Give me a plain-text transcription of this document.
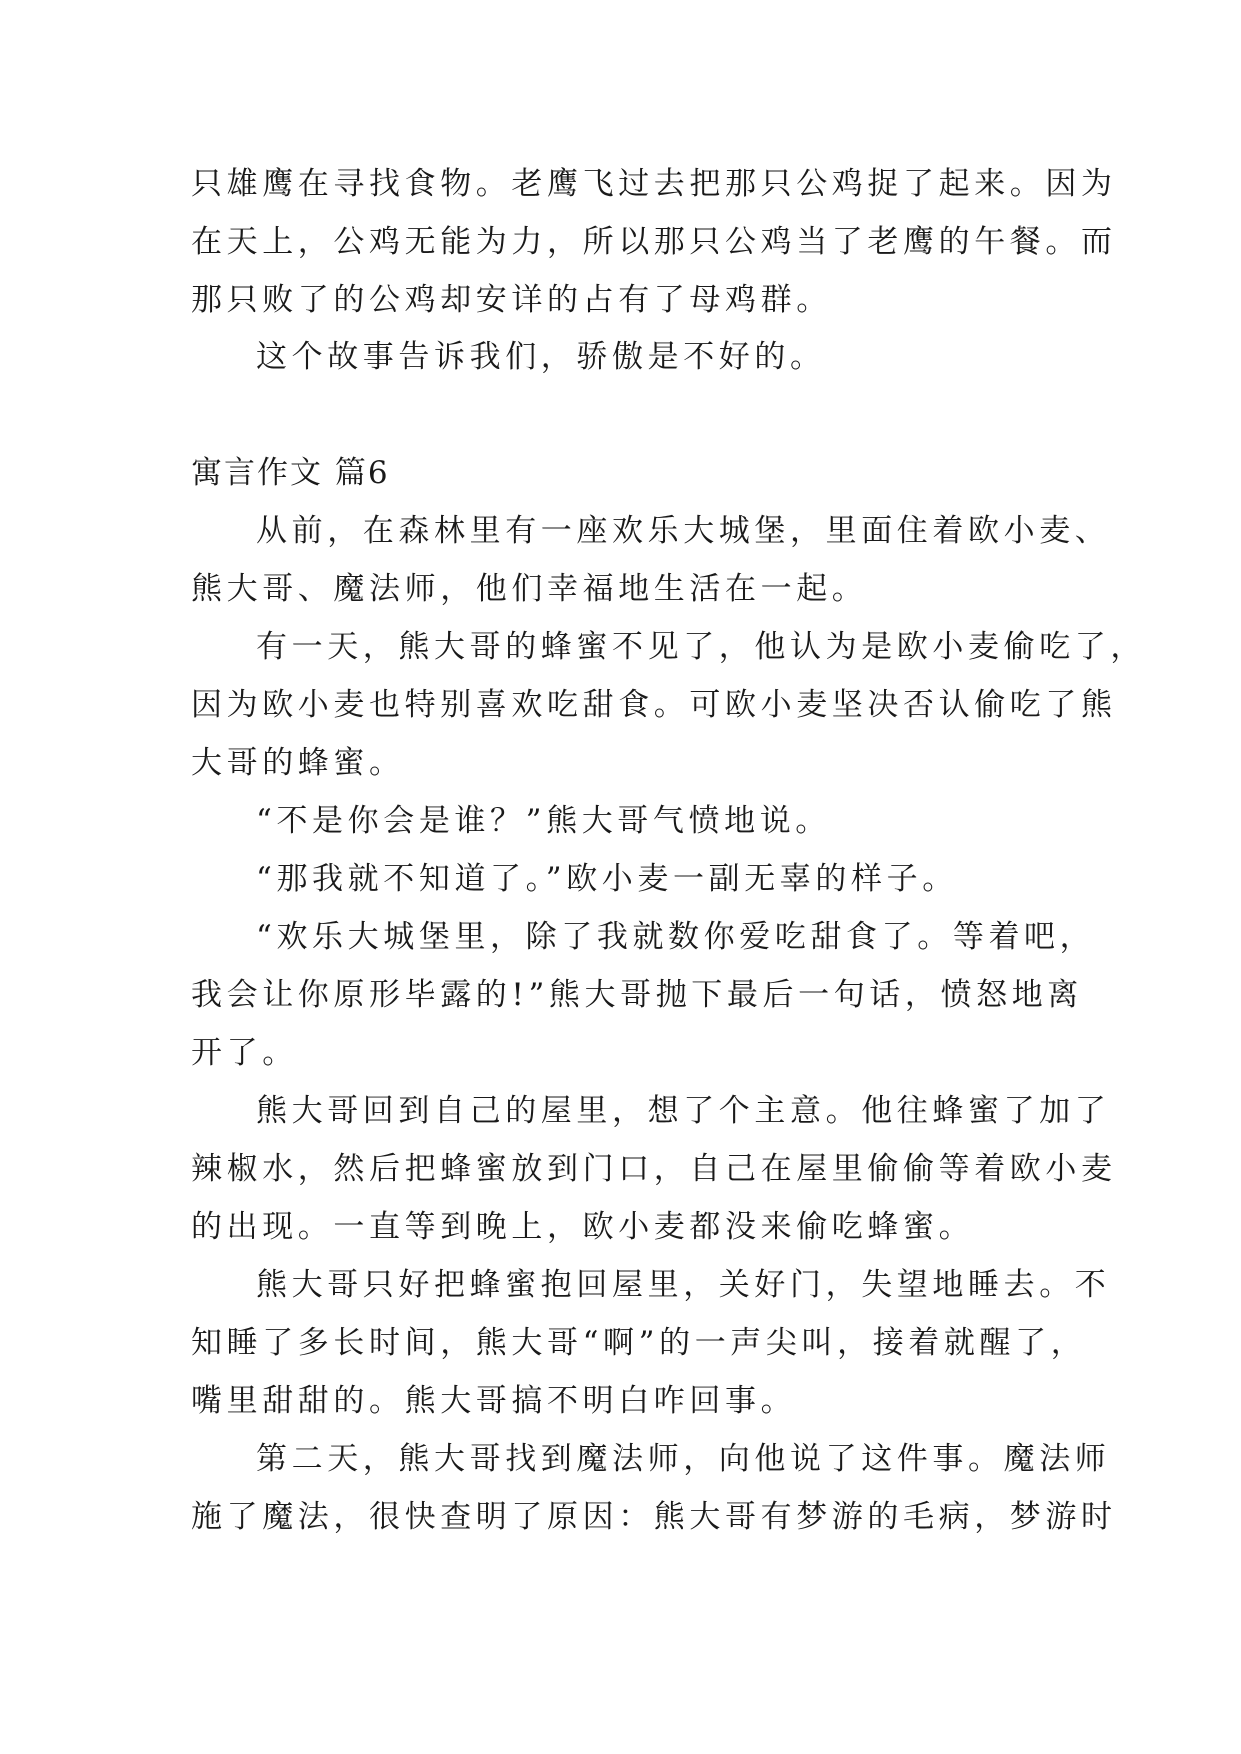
只雄鹰在寻找食物。老鹰飞过去把那只公鸡捉了起来。因为
在天上，公鸡无能为力，所以那只公鸡当了老鹰的午餐。而
那只败了的公鸡却安详的占有了母鸡群。
这个故事告诉我们，骄傲是不好的。
寓言作文 篇6
从前，在森林里有一座欢乐大城堡，里面住着欧小麦、
熊大哥、魔法师，他们幸福地生活在一起。
有一天，熊大哥的蜂蜜不见了，他认为是欧小麦偷吃了，
因为欧小麦也特别喜欢吃甜食。可欧小麦坚决否认偷吃了熊
大哥的蜂蜜。
“不是你会是谁？”熊大哥气愤地说。
“那我就不知道了。”欧小麦一副无辜的样子。
“欢乐大城堡里，除了我就数你爱吃甜食了。等着吧，
我会让你原形毕露的!”熊大哥抛下最后一句话，愤怒地离
开了。
熊大哥回到自己的屋里，想了个主意。他往蜂蜜了加了
辣椒水，然后把蜂蜜放到门口，自己在屋里偷偷等着欧小麦
的出现。一直等到晚上，欧小麦都没来偷吃蜂蜜。
熊大哥只好把蜂蜜抱回屋里，关好门，失望地睡去。不
知睡了多长时间，熊大哥“啊”的一声尖叫，接着就醒了，
嘴里甜甜的。熊大哥搞不明白咋回事。
第二天，熊大哥找到魔法师，向他说了这件事。魔法师
施了魔法，很快查明了原因：熊大哥有梦游的毛病，梦游时
